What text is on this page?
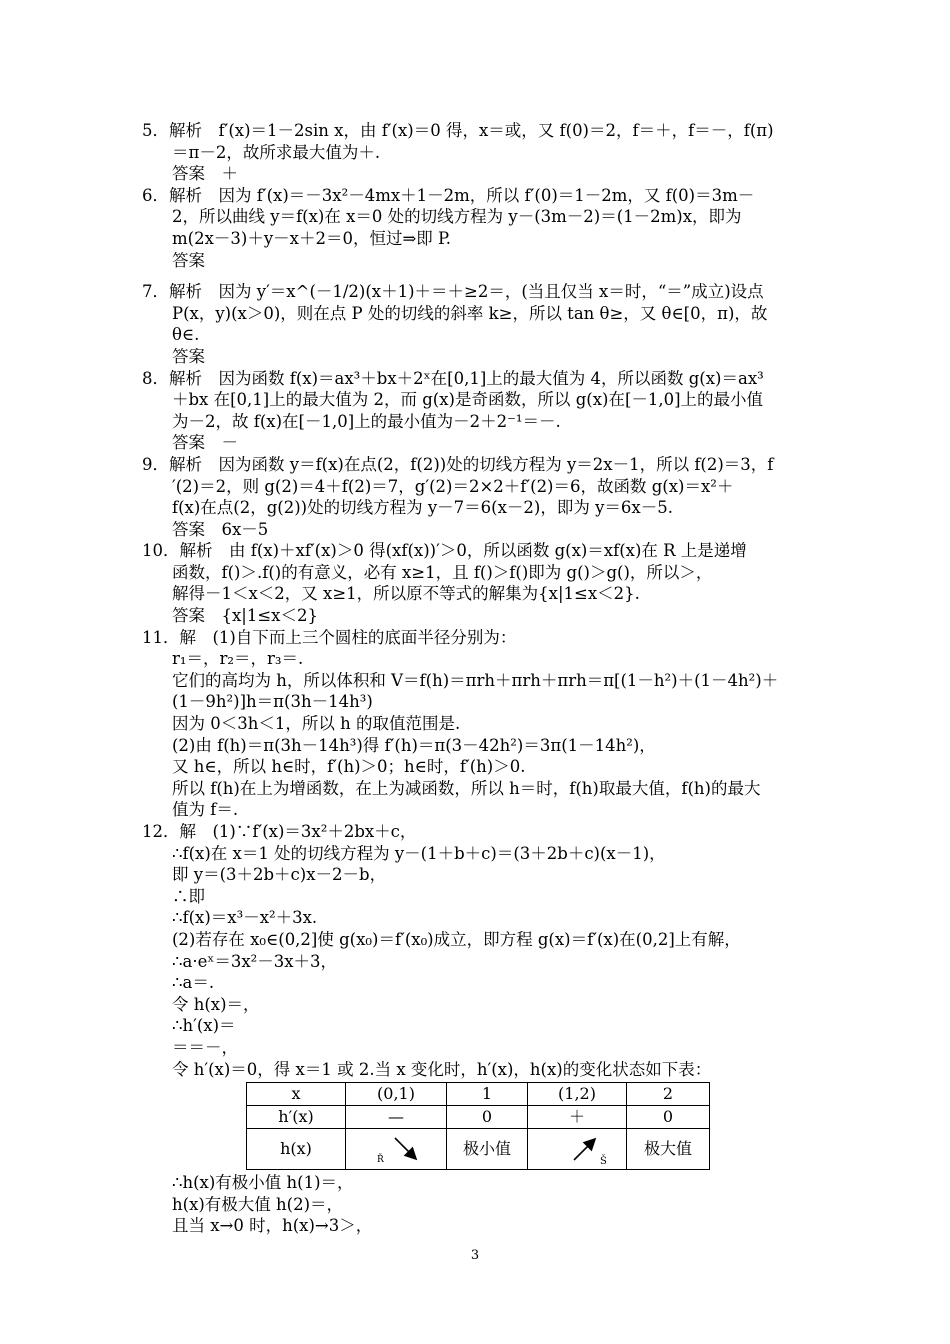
5．解析　f′(x)＝1－2sin x，由 f′(x)＝0 得，x＝或，又 f(0)＝2，f＝＋，f＝－，f(π)
＝π－2，故所求最大值为＋.
答案　＋
6．解析　因为 f′(x)＝－3x²－4mx＋1－2m，所以 f′(0)＝1－2m，又 f(0)＝3m－
2，所以曲线 y＝f(x)在 x＝0 处的切线方程为 y－(3m－2)＝(1－2m)x，即为
m(2x－3)＋y－x＋2＝0，恒过⇒即 P.
答案
7．解析　因为 y′＝x^(－1/2)(x＋1)＋＝＋≥2＝，(当且仅当 x＝时，“＝”成立)设点
P(x，y)(x＞0)，则在点 P 处的切线的斜率 k≥，所以 tan θ≥，又 θ∈[0，π)，故
θ∈.
答案
8．解析　因为函数 f(x)＝ax³＋bx＋2ˣ在[0,1]上的最大值为 4，所以函数 g(x)＝ax³
＋bx 在[0,1]上的最大值为 2，而 g(x)是奇函数，所以 g(x)在[－1,0]上的最小值
为－2，故 f(x)在[－1,0]上的最小值为－2＋2⁻¹＝－.
答案　－
9．解析　因为函数 y＝f(x)在点(2，f(2))处的切线方程为 y＝2x－1，所以 f(2)＝3，f
′(2)＝2，则 g(2)＝4＋f(2)＝7，g′(2)＝2×2＋f′(2)＝6，故函数 g(x)＝x²＋
f(x)在点(2，g(2))处的切线方程为 y－7＝6(x－2)，即为 y＝6x－5.
答案　6x－5
10．解析　由 f(x)＋xf′(x)＞0 得(xf(x))′＞0，所以函数 g(x)＝xf(x)在 R 上是递增
函数，f()＞.f()的有意义，必有 x≥1，且 f()＞f()即为 g()＞g()，所以＞，
解得－1＜x＜2，又 x≥1，所以原不等式的解集为{x|1≤x＜2}.
答案　{x|1≤x＜2}
11．解　(1)自下而上三个圆柱的底面半径分别为：
r₁＝，r₂＝，r₃＝.
它们的高均为 h，所以体积和 V＝f(h)＝πrh＋πrh＋πrh＝π[(1－h²)＋(1－4h²)＋
(1－9h²)]h＝π(3h－14h³)
因为 0＜3h＜1，所以 h 的取值范围是.
(2)由 f(h)＝π(3h－14h³)得 f′(h)＝π(3－42h²)＝3π(1－14h²)，
又 h∈，所以 h∈时，f′(h)＞0；h∈时，f′(h)＞0.
所以 f(h)在上为增函数，在上为减函数，所以 h＝时，f(h)取最大值，f(h)的最大
值为 f＝.
12．解　(1)∵f′(x)＝3x²＋2bx＋c，
∴f(x)在 x＝1 处的切线方程为 y－(1＋b＋c)＝(3＋2b＋c)(x－1)，
即 y＝(3＋2b＋c)x－2－b，
∴即
∴f(x)＝x³－x²＋3x.
(2)若存在 x₀∈(0,2]使 g(x₀)＝f′(x₀)成立，即方程 g(x)＝f′(x)在(0,2]上有解，
∴a·eˣ＝3x²－3x＋3，
∴a＝.
令 h(x)＝，
∴h′(x)＝
＝＝－，
令 h′(x)＝0，得 x＝1 或 2.当 x 变化时，h′(x)，h(x)的变化状态如下表：
x	(0,1)	1	(1,2)	2
h′(x)	—	0	＋	0
h(x)	Ř	极小值	Š	极大值
∴h(x)有极小值 h(1)＝，
h(x)有极大值 h(2)＝，
且当 x→0 时，h(x)→3＞，
3
